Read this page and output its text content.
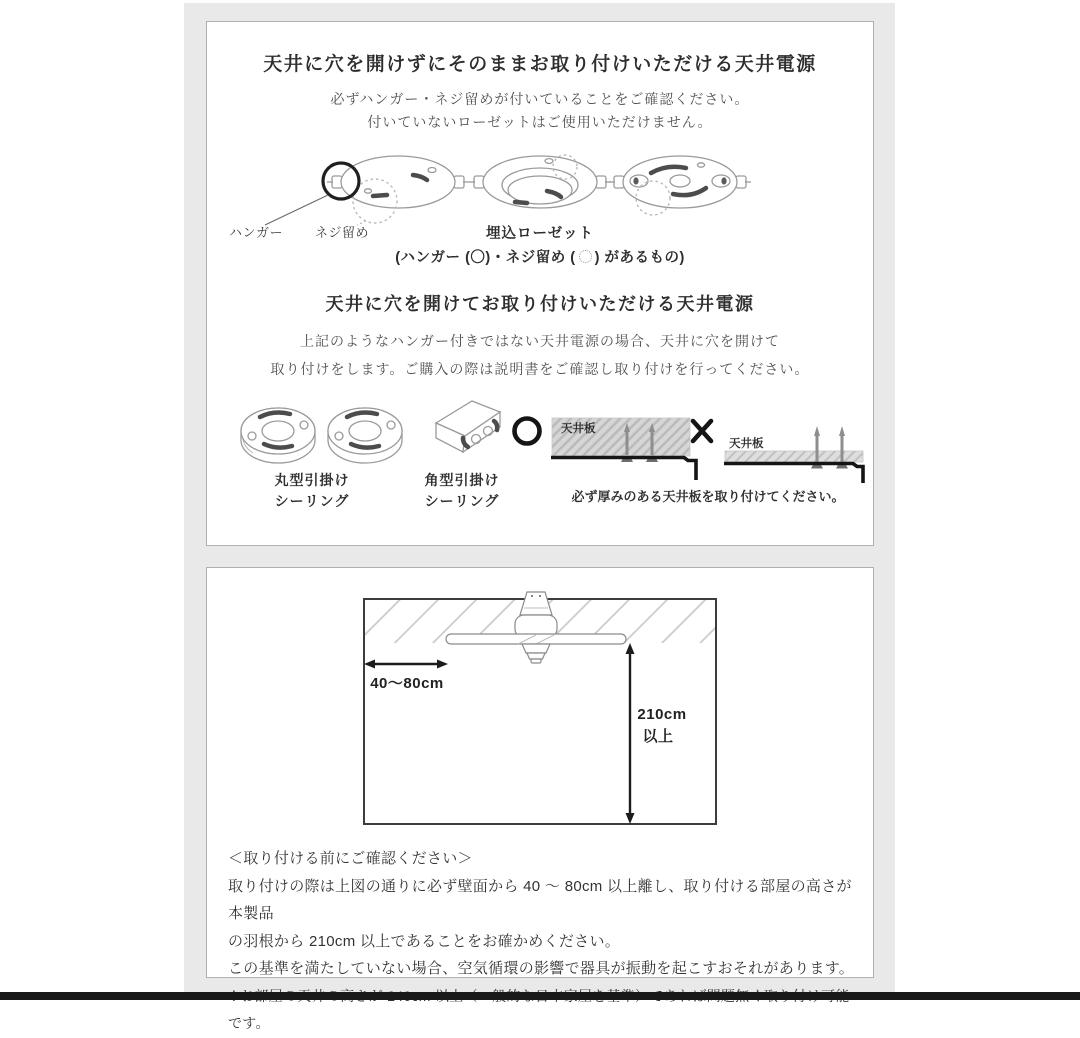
天井に穴を開けずにそのままお取り付けいただける天井電源

必ずハンガー・ネジ留めが付いていることをご確認ください。

付いていないローゼットはご使用いただけません。

ハンガー ネジ留め	埋込ローゼット

(ハンガー (〇)・ネジ留め ( ) があるもの)

天井に穴を開けてお取り付けいただける天井電源

上記のようなハンガー付きではない天井電源の場合、天井に穴を開けて

取り付けをします。ご購入の際は説明書をご確認し取り付けを行ってください。

丸型引掛け
シーリング
角型引掛け
シーリング
天井板
天井板

必ず厚みのある天井板を取り付けてください。

40～80cm
210cm
以上

＜取り付ける前にご確認ください＞

取り付けの際は上図の通りに必ず壁面から 40 ～ 80cm 以上離し、取り付ける部屋の高さが本製品

の羽根から 210cm 以上であることをお確かめください。

この基準を満たしていない場合、空気循環の影響で器具が振動を起こすおそれがあります。

です。
